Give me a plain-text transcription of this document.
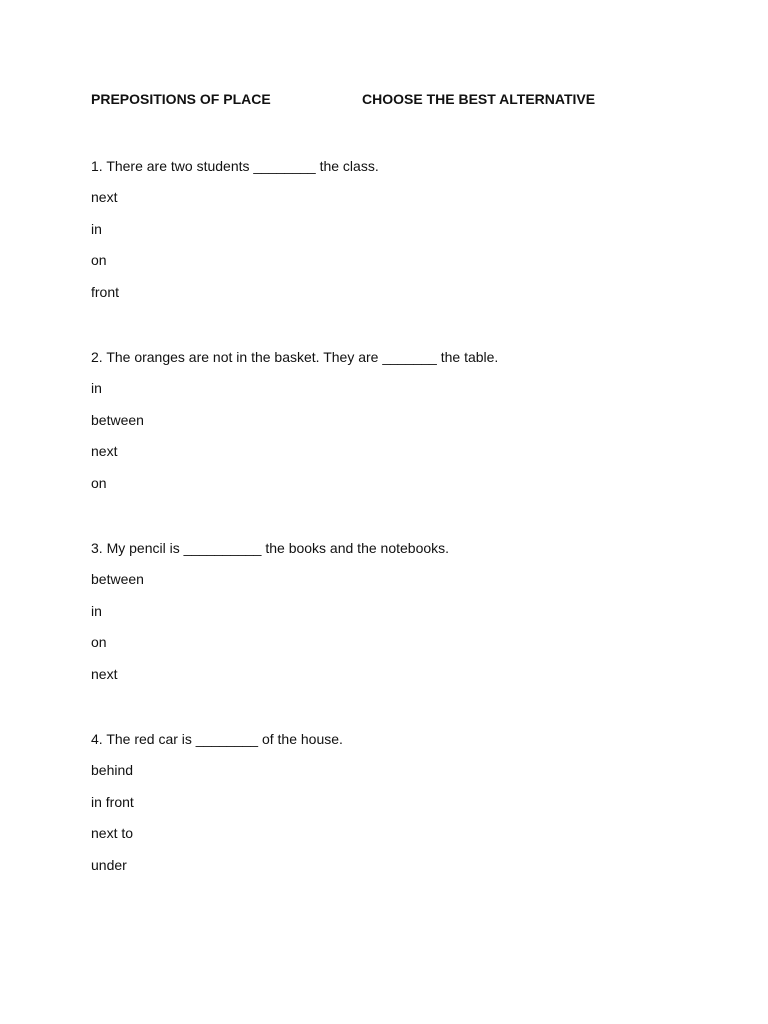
PREPOSITIONS OF PLACE	CHOOSE THE BEST ALTERNATIVE
1. There are two students ________ the class.
next
in
on
front
2. The oranges are not in the basket. They are _______ the table.
in
between
next
on
3. My pencil is __________ the books and the notebooks.
between
in
on
next
4. The red car is ________ of the house.
behind
in front
next to
under
